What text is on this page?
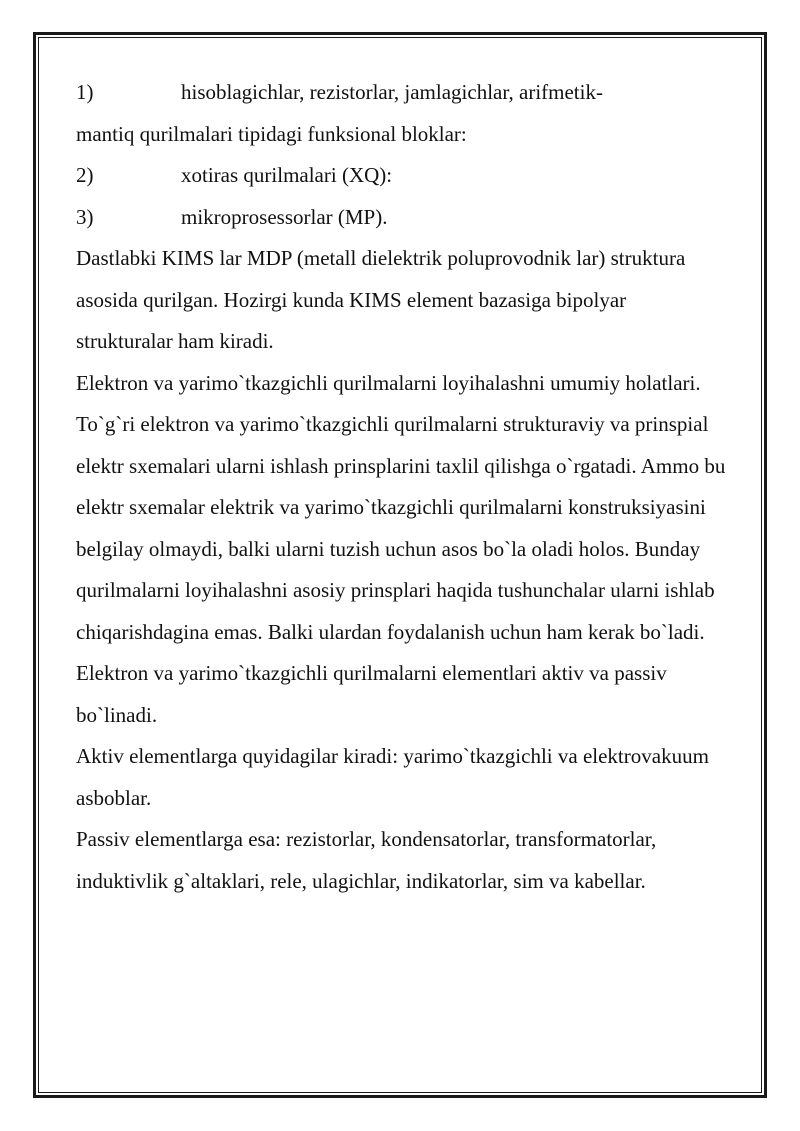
1)	hisoblagichlar, rezistorlar, jamlagichlar, arifmetik-
mantiq qurilmalari tipidagi funksional bloklar:
2)	xotiras qurilmalari (XQ):
3)	mikroprosessorlar (MP).

Dastlabki KIMS lar MDP (metall dielektrik poluprovodnik lar) struktura asosida qurilgan. Hozirgi kunda KIMS element bazasiga bipolyar strukturalar ham kiradi.

Elektron va yarimo`tkazgichli qurilmalarni loyihalashni umumiy holatlari.

To`g`ri elektron va yarimo`tkazgichli qurilmalarni strukturaviy va prinspial elektr sxemalari ularni ishlash prinsplarini taxlil qilishga o`rgatadi. Ammo bu elektr sxemalar elektrik va yarimo`tkazgichli qurilmalarni konstruksiyasini belgilay olmaydi, balki ularni tuzish uchun asos bo`la oladi holos. Bunday qurilmalarni loyihalashni asosiy prinsplari haqida tushunchalar ularni ishlab chiqarishdagina emas. Balki ulardan foydalanish uchun ham kerak bo`ladi.

Elektron va yarimo`tkazgichli qurilmalarni elementlari aktiv va passiv bo`linadi.

Aktiv elementlarga quyidagilar kiradi: yarimo`tkazgichli va elektrovakuum asboblar.

Passiv elementlarga esa: rezistorlar, kondensatorlar, transformatorlar, induktivlik g`altaklari, rele, ulagichlar, indikatorlar, sim va kabellar.
